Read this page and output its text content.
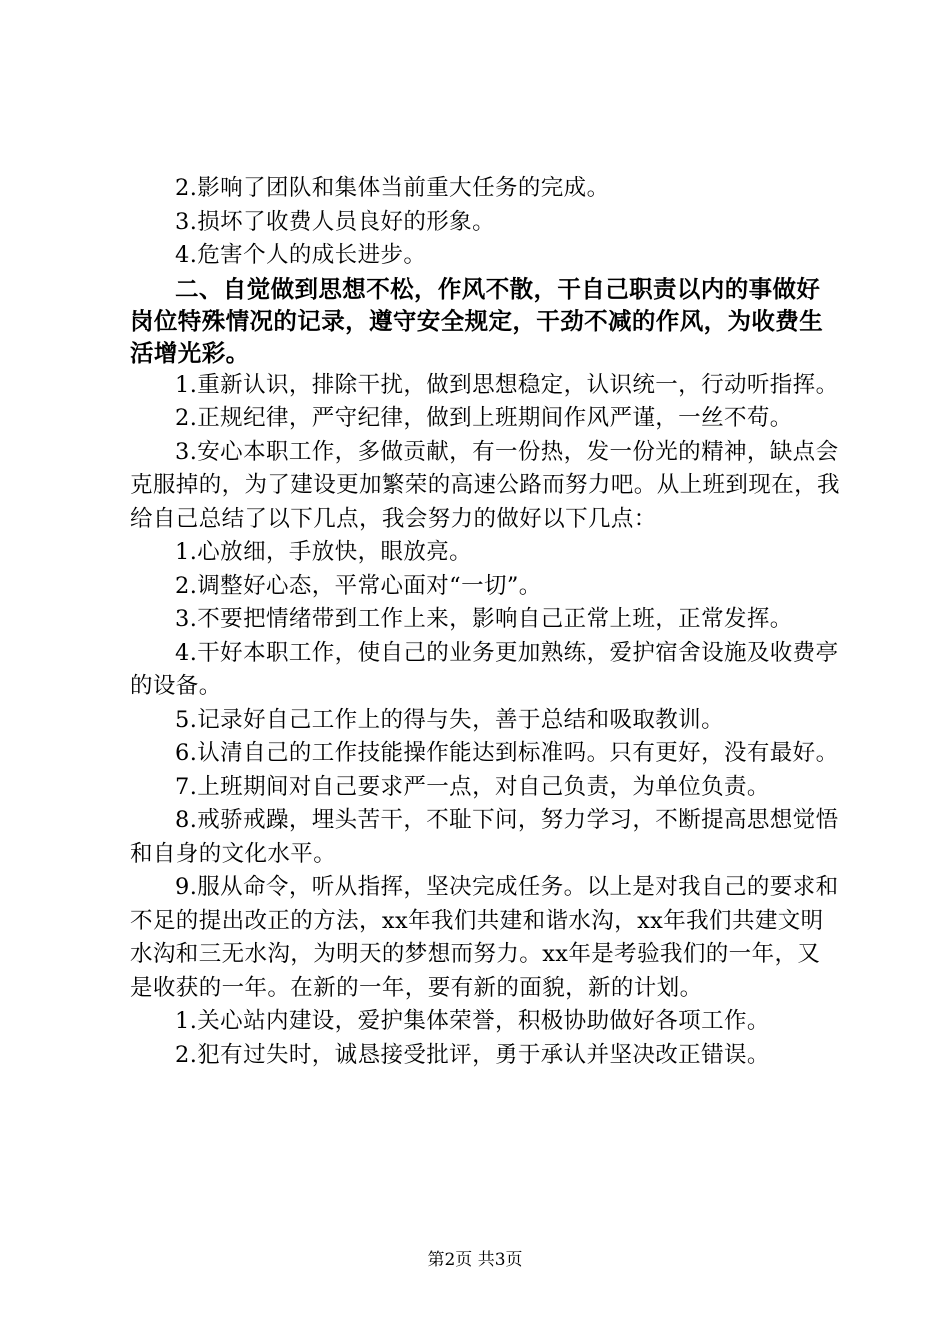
2.影响了团队和集体当前重大任务的完成。

3.损坏了收费人员良好的形象。

4.危害个人的成长进步。

二、自觉做到思想不松，作风不散，干自己职责以内的事做好岗位特殊情况的记录，遵守安全规定，干劲不减的作风，为收费生活增光彩。

1.重新认识，排除干扰，做到思想稳定，认识统一，行动听指挥。

2.正规纪律，严守纪律，做到上班期间作风严谨，一丝不苟。

3.安心本职工作，多做贡献，有一份热，发一份光的精神，缺点会克服掉的，为了建设更加繁荣的高速公路而努力吧。从上班到现在，我给自己总结了以下几点，我会努力的做好以下几点：

1.心放细，手放快，眼放亮。

2.调整好心态，平常心面对“一切”。

3.不要把情绪带到工作上来，影响自己正常上班，正常发挥。

4.干好本职工作，使自己的业务更加熟练，爱护宿舍设施及收费亭的设备。

5.记录好自己工作上的得与失，善于总结和吸取教训。

6.认清自己的工作技能操作能达到标准吗。只有更好，没有最好。

7.上班期间对自己要求严一点，对自己负责，为单位负责。

8.戒骄戒躁，埋头苦干，不耻下问，努力学习，不断提高思想觉悟和自身的文化水平。

9.服从命令，听从指挥，坚决完成任务。以上是对我自己的要求和不足的提出改正的方法，xx年我们共建和谐水沟，xx年我们共建文明水沟和三无水沟，为明天的梦想而努力。xx年是考验我们的一年，又是收获的一年。在新的一年，要有新的面貌，新的计划。

1.关心站内建设，爱护集体荣誉，积极协助做好各项工作。

2.犯有过失时，诚恳接受批评，勇于承认并坚决改正错误。

第2页 共3页
